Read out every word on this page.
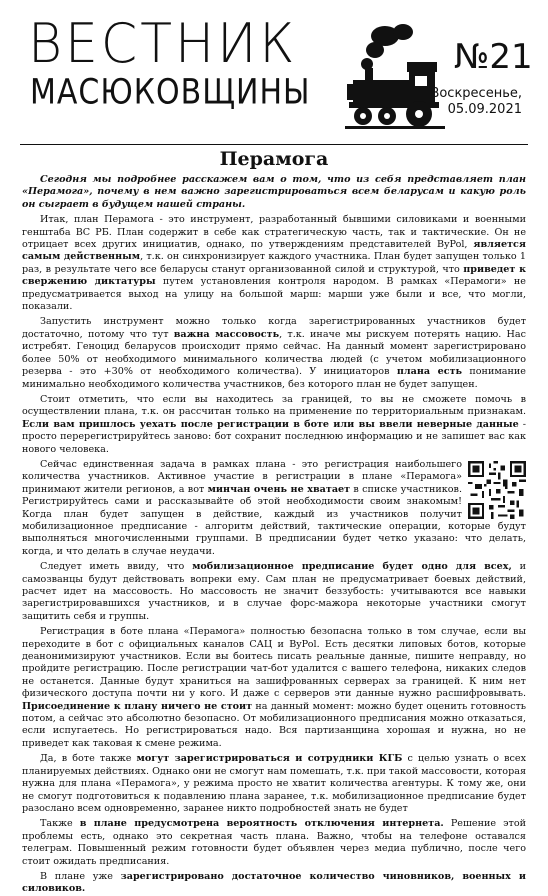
ВЕСТНИК
МАСЮКОВЩИНЫ
№21
Воскресенье,
05.09.2021
Перамога

Сегодня мы подробнее расскажем вам о том, что из себя представляет план «Перамога», почему в нем важно зарегистрироваться всем беларусам и какую роль он сыграет в будущем нашей страны.

Итак, план Перамога - это инструмент, разработанный бывшими силовиками и военными генштаба ВС РБ. План содержит в себе как стратегическую часть, так и тактические. Он не отрицает всех других инициатив, однако, по утверждениям представителей ByPol, является самым действенным, т.к. он синхронизирует каждого участника. План будет запущен только 1 раз, в результате чего все беларусы станут организованной силой и структурой, что приведет к свержению диктатуры путем установления контроля народом. В рамках «Перамоги» не предусматривается выход на улицу на большой марш: марши уже были и все, что могли, показали.

Запустить инструмент можно только когда зарегистрированных участников будет достаточно, потому что тут важна массовость, т.к. иначе мы рискуем потерять нацию. Нас истребят. Геноцид беларусов происходит прямо сейчас. На данный момент зарегистрировано более 50% от необходимого минимального количества людей (с учетом мобилизационного резерва - это +30% от необходимого количества). У инициаторов плана есть понимание минимально необходимого количества участников, без которого план не будет запущен.

Стоит отметить, что если вы находитесь за границей, то вы не сможете помочь в осуществлении плана, т.к. он рассчитан только на применение по территориальным признакам. Если вам пришлось уехать после регистрации в боте или вы ввели неверные данные - просто перерегистрируйтесь заново: бот сохранит последнюю информацию и не запишет вас как нового человека.

Сейчас единственная задача в рамках плана - это регистрация наибольшего количества участников. Активное участие в регистрации в плане «Перамога» принимают жители регионов, а вот минчан очень не хватает в списке участников. Регистрируйтесь сами и рассказывайте об этой необходимости своим знакомым! Когда план будет запущен в действие, каждый из участников получит мобилизационное предписание - алгоритм действий, тактические операции, которые будут выполняться многочисленными группами. В предписании будет четко указано: что делать, когда, и что делать в случае неудачи.

Следует иметь ввиду, что мобилизационное предписание будет одно для всех, и самозванцы будут действовать вопреки ему. Сам план не предусматривает боевых действий, расчет идет на массовость. Но массовость не значит беззубость: учитываются все навыки зарегистрировавшихся участников, и в случае форс-мажора некоторые участники смогут защитить себя и группы.

Регистрация в боте плана «Перамога» полностью безопасна только в том случае, если вы переходите в бот с официальных каналов САЦ и ByPol. Есть десятки липовых ботов, которые деанонимизируют участников. Если вы боитесь писать реальные данные, пишите неправду, но пройдите регистрацию. После регистрации чат-бот удалится с вашего телефона, никаких следов не останется. Данные будут храниться на зашифрованных серверах за границей. К ним нет физического доступа почти ни у кого. И даже с серверов эти данные нужно расшифровывать. Присоединение к плану ничего не стоит на данный момент: можно будет оценить готовность потом, а сейчас это абсолютно безопасно. От мобилизационного предписания можно отказаться, если испугаетесь. Но регистрироваться надо. Вся партизанщина хорошая и нужна, но не приведет как таковая к смене режима.

Да, в боте также могут зарегистрироваться и сотрудники КГБ с целью узнать о всех планируемых действиях. Однако они не смогут нам помешать, т.к. при такой массовости, которая нужна для плана «Перамога», у режима просто не хватит количества агентуры. К тому же, они не смогут подготовиться к подавлению плана заранее, т.к. мобилизационное предписание будет разослано всем одновременно, заранее никто подробностей знать не будет

Также в плане предусмотрена вероятность отключения интернета. Решение этой проблемы есть, однако это секретная часть плана. Важно, чтобы на телефоне оставался телеграм. Повышенный режим готовности будет объявлен через медиа публично, после чего стоит ожидать предписания.

В плане уже зарегистрировано достаточное количество чиновников, военных и силовиков.
